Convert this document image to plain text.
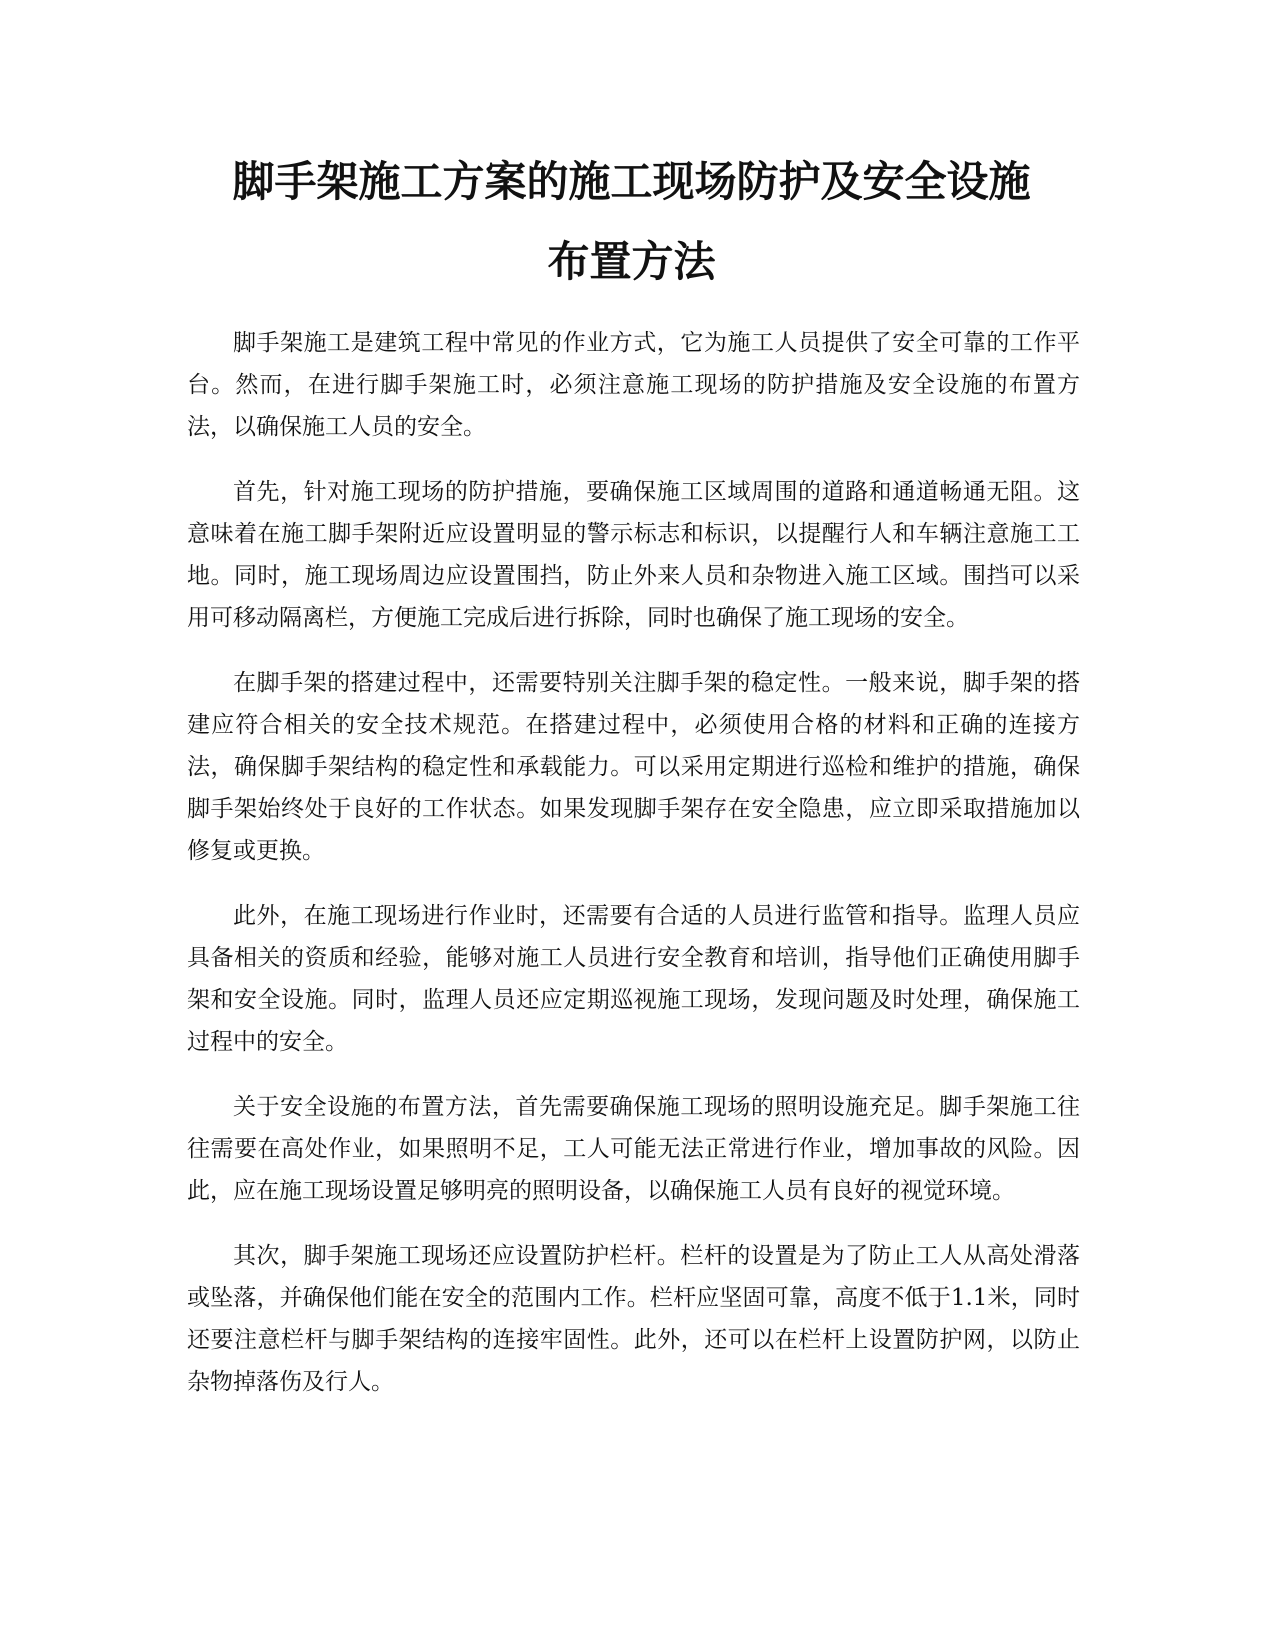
脚手架施工方案的施工现场防护及安全设施
布置方法

脚手架施工是建筑工程中常见的作业方式，它为施工人员提供了安全可靠的工作平台。然而，在进行脚手架施工时，必须注意施工现场的防护措施及安全设施的布置方法，以确保施工人员的安全。

首先，针对施工现场的防护措施，要确保施工区域周围的道路和通道畅通无阻。这意味着在施工脚手架附近应设置明显的警示标志和标识，以提醒行人和车辆注意施工工地。同时，施工现场周边应设置围挡，防止外来人员和杂物进入施工区域。围挡可以采用可移动隔离栏，方便施工完成后进行拆除，同时也确保了施工现场的安全。

在脚手架的搭建过程中，还需要特别关注脚手架的稳定性。一般来说，脚手架的搭建应符合相关的安全技术规范。在搭建过程中，必须使用合格的材料和正确的连接方法，确保脚手架结构的稳定性和承载能力。可以采用定期进行巡检和维护的措施，确保脚手架始终处于良好的工作状态。如果发现脚手架存在安全隐患，应立即采取措施加以修复或更换。

此外，在施工现场进行作业时，还需要有合适的人员进行监管和指导。监理人员应具备相关的资质和经验，能够对施工人员进行安全教育和培训，指导他们正确使用脚手架和安全设施。同时，监理人员还应定期巡视施工现场，发现问题及时处理，确保施工过程中的安全。

关于安全设施的布置方法，首先需要确保施工现场的照明设施充足。脚手架施工往往需要在高处作业，如果照明不足，工人可能无法正常进行作业，增加事故的风险。因此，应在施工现场设置足够明亮的照明设备，以确保施工人员有良好的视觉环境。

其次，脚手架施工现场还应设置防护栏杆。栏杆的设置是为了防止工人从高处滑落或坠落，并确保他们能在安全的范围内工作。栏杆应坚固可靠，高度不低于1.1米，同时还要注意栏杆与脚手架结构的连接牢固性。此外，还可以在栏杆上设置防护网，以防止杂物掉落伤及行人。
